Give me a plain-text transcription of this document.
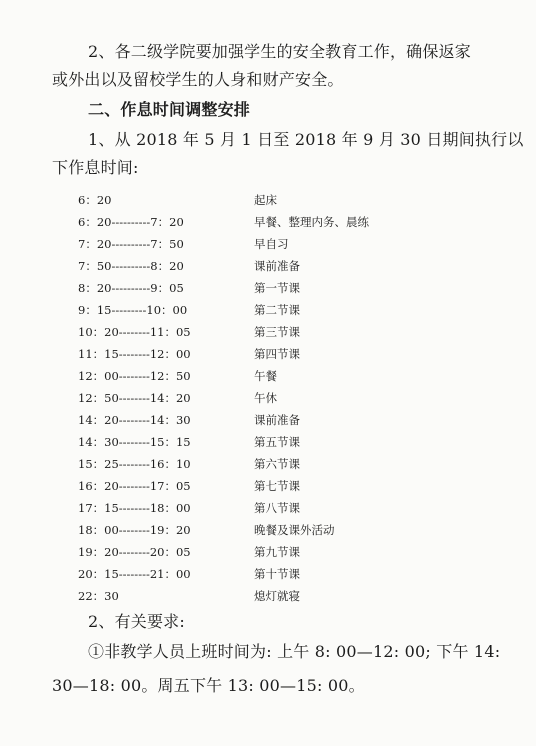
2、各二级学院要加强学生的安全教育工作，确保返家
或外出以及留校学生的人身和财产安全。
二、作息时间调整安排
1、从 2018 年 5 月 1 日至 2018 年 9 月 30 日期间执行以
下作息时间:
6：20	起床
6：20----------7：20	早餐、整理内务、晨练
7：20----------7：50	早自习
7：50----------8：20	课前准备
8：20----------9：05	第一节课
9：15---------10：00	第二节课
10：20--------11：05	第三节课
11：15--------12：00	第四节课
12：00--------12：50	午餐
12：50--------14：20	午休
14：20--------14：30	课前准备
14：30--------15：15	第五节课
15：25--------16：10	第六节课
16：20--------17：05	第七节课
17：15--------18：00	第八节课
18：00--------19：20	晚餐及课外活动
19：20--------20：05	第九节课
20：15--------21：00	第十节课
22：30	熄灯就寝
2、有关要求:
①非教学人员上班时间为: 上午 8: 00—12: 00; 下午 14:
30—18: 00。周五下午 13: 00—15: 00。
